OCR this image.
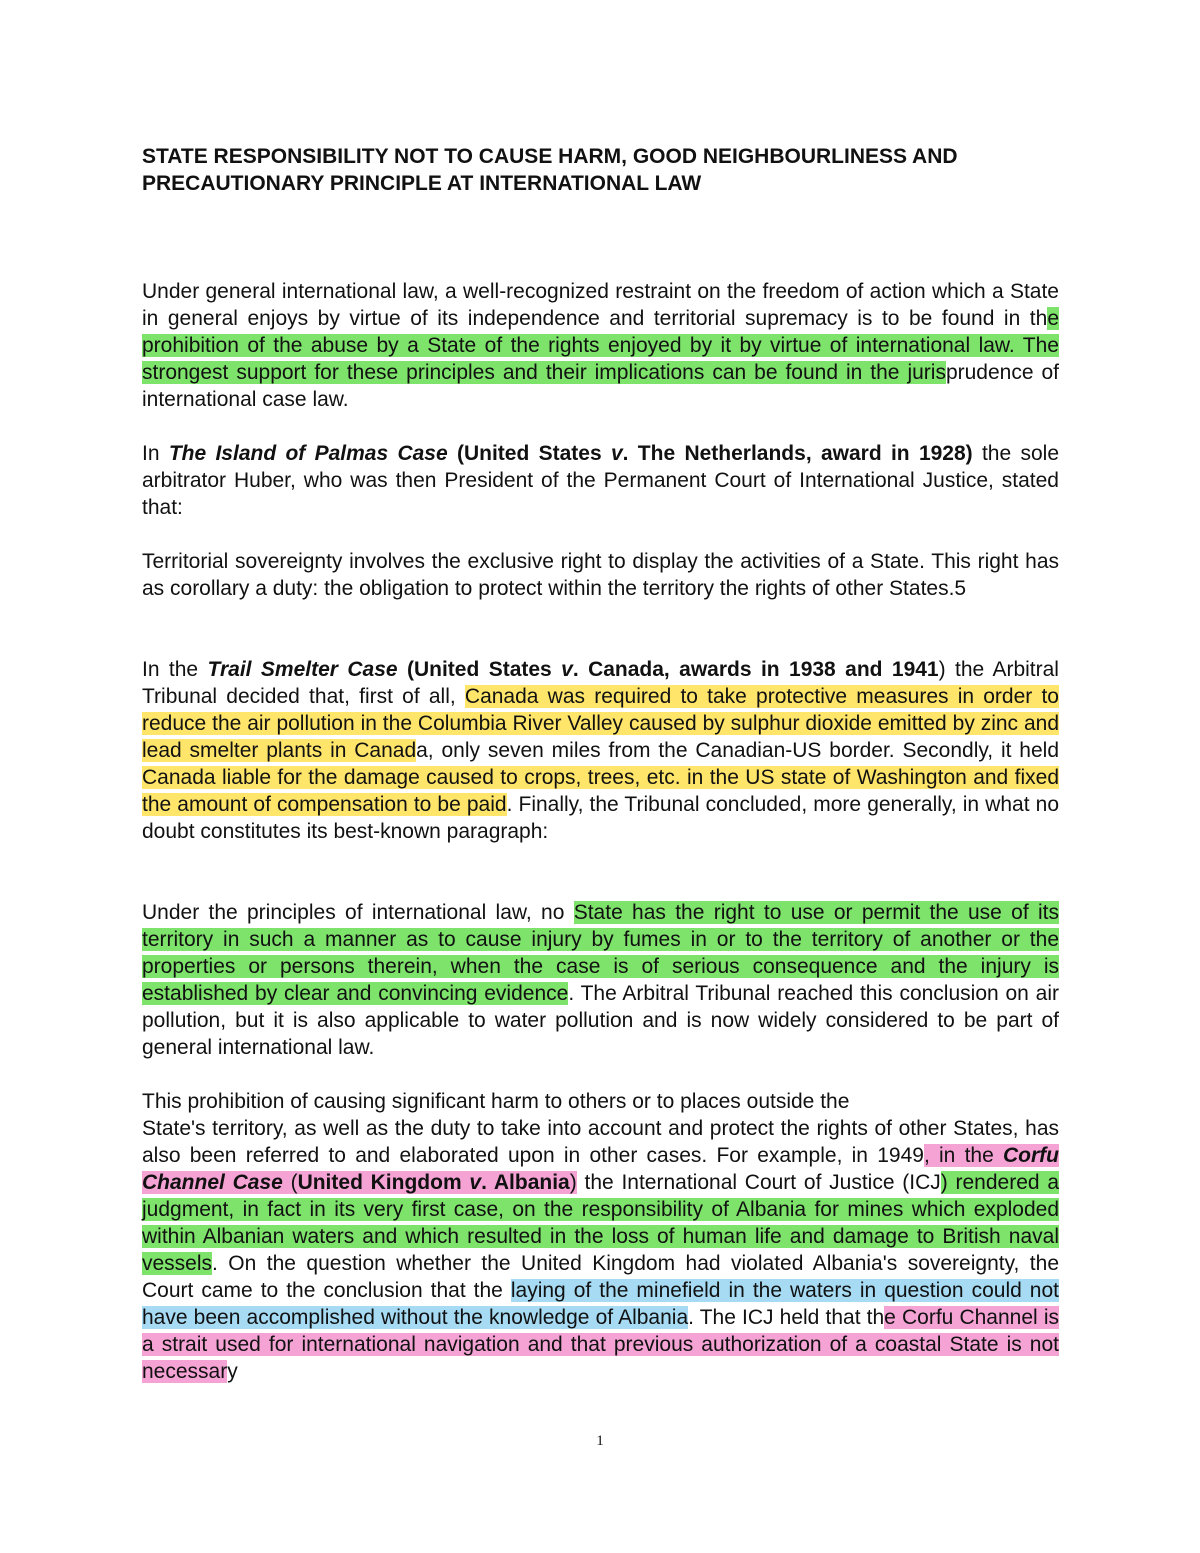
STATE RESPONSIBILITY NOT TO CAUSE HARM, GOOD NEIGHBOURLINESS AND PRECAUTIONARY PRINCIPLE AT INTERNATIONAL LAW

Under general international law, a well-recognized restraint on the freedom of action which a State in general enjoys by virtue of its independence and territorial supremacy is to be found in the prohibition of the abuse by a State of the rights enjoyed by it by virtue of international law. The strongest support for these principles and their implications can be found in the jurisprudence of international case law.

In The Island of Palmas Case (United States v. The Netherlands, award in 1928) the sole arbitrator Huber, who was then President of the Permanent Court of International Justice, stated that:

Territorial sovereignty involves the exclusive right to display the activities of a State. This right has as corollary a duty: the obligation to protect within the territory the rights of other States.5

In the Trail Smelter Case (United States v. Canada, awards in 1938 and 1941) the Arbitral Tribunal decided that, first of all, Canada was required to take protective measures in order to reduce the air pollution in the Columbia River Valley caused by sulphur dioxide emitted by zinc and lead smelter plants in Canada, only seven miles from the Canadian-US border. Secondly, it held Canada liable for the damage caused to crops, trees, etc. in the US state of Washington and fixed the amount of compensation to be paid. Finally, the Tribunal concluded, more generally, in what no doubt constitutes its best-known paragraph:

Under the principles of international law, no State has the right to use or permit the use of its territory in such a manner as to cause injury by fumes in or to the territory of another or the properties or persons therein, when the case is of serious consequence and the injury is established by clear and convincing evidence. The Arbitral Tribunal reached this conclusion on air pollution, but it is also applicable to water pollution and is now widely considered to be part of general international law.

This prohibition of causing significant harm to others or to places outside the

State's territory, as well as the duty to take into account and protect the rights of other States, has also been referred to and elaborated upon in other cases. For example, in 1949, in the Corfu Channel Case (United Kingdom v. Albania) the International Court of Justice (ICJ) rendered a judgment, in fact in its very first case, on the responsibility of Albania for mines which exploded within Albanian waters and which resulted in the loss of human life and damage to British naval vessels. On the question whether the United Kingdom had violated Albania's sovereignty, the Court came to the conclusion that the laying of the minefield in the waters in question could not have been accomplished without the knowledge of Albania. The ICJ held that the Corfu Channel is a strait used for international navigation and that previous authorization of a coastal State is not necessary

1
